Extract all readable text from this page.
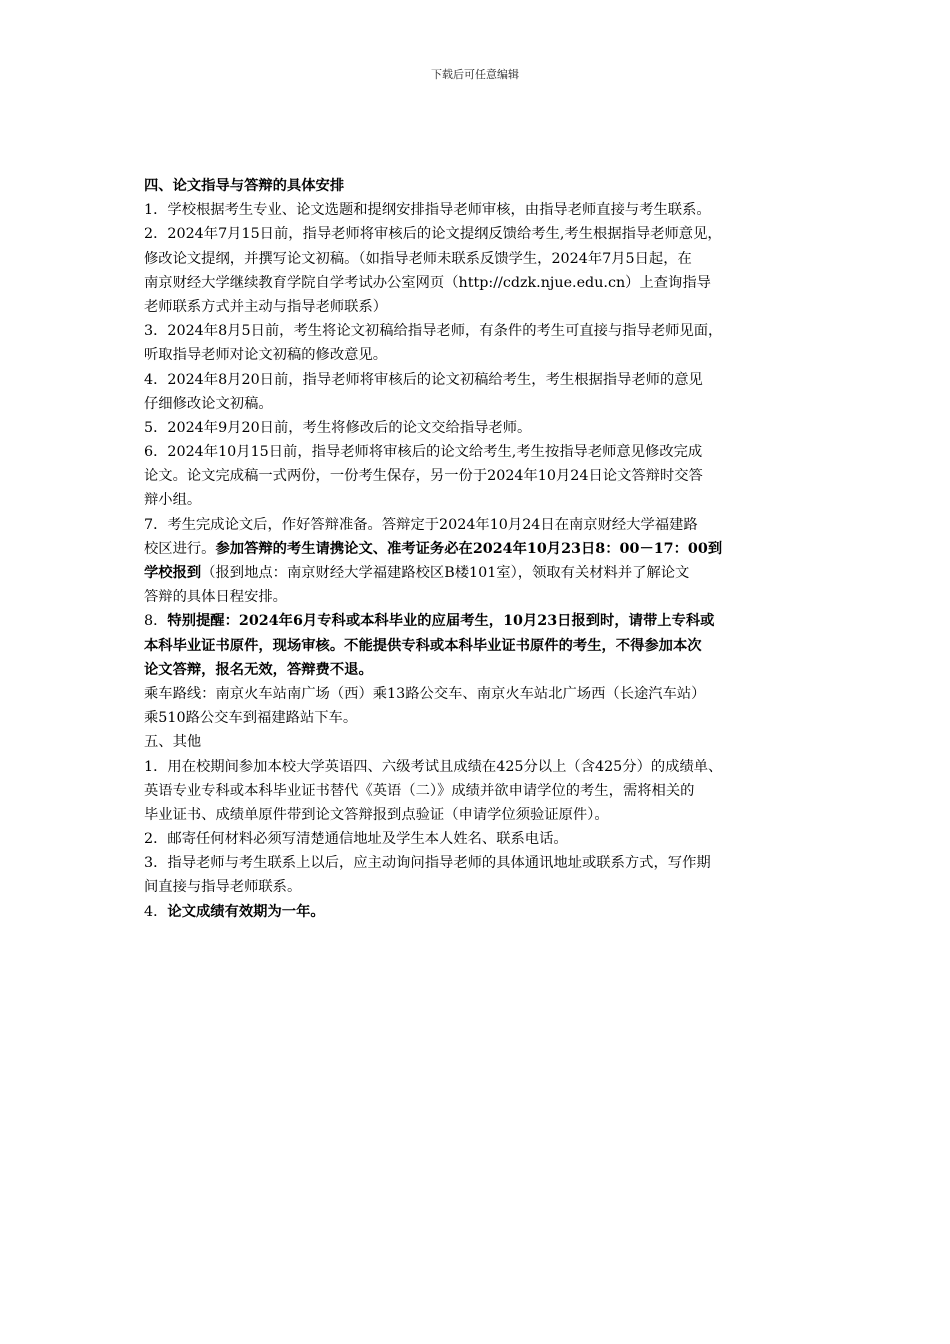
下载后可任意编辑
四、论文指导与答辩的具体安排
1．学校根据考生专业、论文选题和提纲安排指导老师审核，由指导老师直接与考生联系。
2．2024年7月15日前，指导老师将审核后的论文提纲反馈给考生,考生根据指导老师意见，
修改论文提纲，并撰写论文初稿。（如指导老师未联系反馈学生，2024年7月5日起，在
南京财经大学继续教育学院自学考试办公室网页（http://cdzk.njue.edu.cn）上查询指导
老师联系方式并主动与指导老师联系）
3．2024年8月5日前，考生将论文初稿给指导老师，有条件的考生可直接与指导老师见面，
听取指导老师对论文初稿的修改意见。
4．2024年8月20日前，指导老师将审核后的论文初稿给考生，考生根据指导老师的意见
仔细修改论文初稿。
5．2024年9月20日前，考生将修改后的论文交给指导老师。
6．2024年10月15日前，指导老师将审核后的论文给考生,考生按指导老师意见修改完成
论文。论文完成稿一式两份，一份考生保存，另一份于2024年10月24日论文答辩时交答
辩小组。
7．考生完成论文后，作好答辩准备。答辩定于2024年10月24日在南京财经大学福建路
校区进行。参加答辩的考生请携论文、准考证务必在2024年10月23日8：00－17：00到
学校报到（报到地点：南京财经大学福建路校区B楼101室），领取有关材料并了解论文
答辩的具体日程安排。
8．特别提醒：2024年6月专科或本科毕业的应届考生，10月23日报到时，请带上专科或
本科毕业证书原件，现场审核。不能提供专科或本科毕业证书原件的考生，不得参加本次
论文答辩，报名无效，答辩费不退。
乘车路线：南京火车站南广场（西）乘13路公交车、南京火车站北广场西（长途汽车站）
乘510路公交车到福建路站下车。
五、其他
1．用在校期间参加本校大学英语四、六级考试且成绩在425分以上（含425分）的成绩单、
英语专业专科或本科毕业证书替代《英语（二）》成绩并欲申请学位的考生，需将相关的
毕业证书、成绩单原件带到论文答辩报到点验证（申请学位须验证原件）。
2．邮寄任何材料必须写清楚通信地址及学生本人姓名、联系电话。
3．指导老师与考生联系上以后，应主动询问指导老师的具体通讯地址或联系方式，写作期
间直接与指导老师联系。
4．论文成绩有效期为一年。
